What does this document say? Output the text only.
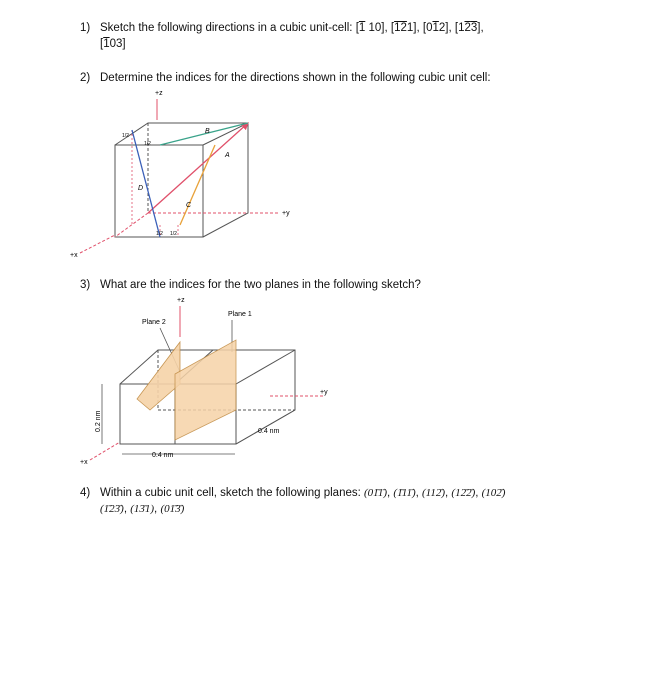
1) Sketch the following directions in a cubic unit-cell: [1 10], [121], [012], [123],
[103]
2) Determine the indices for the directions shown in the following cubic unit cell:
+z
+y
+x
A
B
C
D
1/2
1/2
1/2 1/2
3) What are the indices for the two planes in the following sketch?
+z
Plane 1
Plane 2
+y
+x
0.2 nm
0.4 nm
0.4 nm
4) Within a cubic unit cell, sketch the following planes: (01̄1̄), (1̄11̄), (112̄), (12̄2̄), (102̄)
(1̄23̄), (13̄1), (01̄3̄)
